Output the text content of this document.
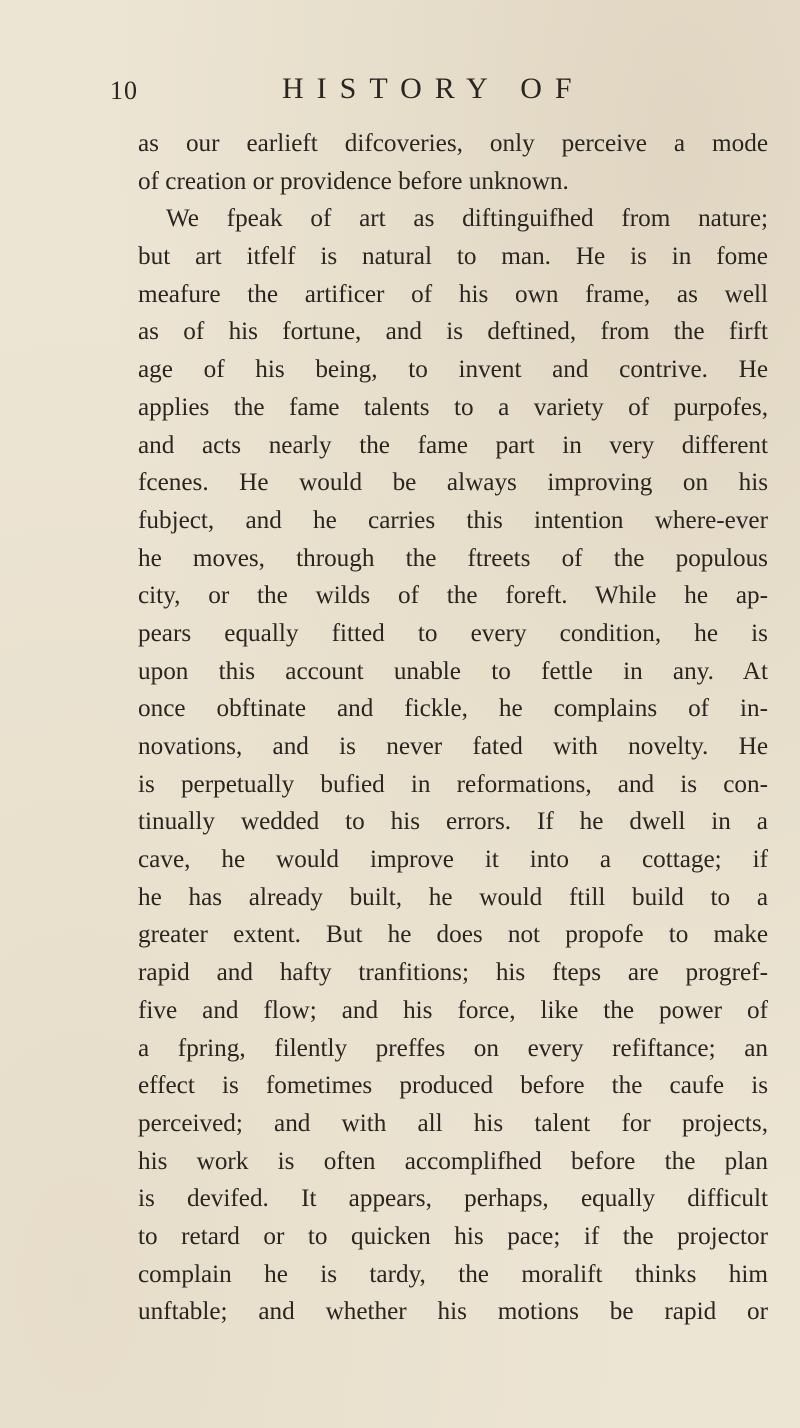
10	HISTORY OF
as our earlieft difcoveries, only perceive a mode
of creation or providence before unknown.
We fpeak of art as diftinguifhed from nature;
but art itfelf is natural to man. He is in fome
meafure the artificer of his own frame, as well
as of his fortune, and is deftined, from the firft
age of his being, to invent and contrive. He
applies the fame talents to a variety of purpofes,
and acts nearly the fame part in very different
fcenes. He would be always improving on his
fubject, and he carries this intention where-ever
he moves, through the ftreets of the populous
city, or the wilds of the foreft. While he ap-
pears equally fitted to every condition, he is
upon this account unable to fettle in any. At
once obftinate and fickle, he complains of in-
novations, and is never fated with novelty. He
is perpetually bufied in reformations, and is con-
tinually wedded to his errors. If he dwell in a
cave, he would improve it into a cottage; if
he has already built, he would ftill build to a
greater extent. But he does not propofe to make
rapid and hafty tranfitions; his fteps are progref-
five and flow; and his force, like the power of
a fpring, filently preffes on every refiftance; an
effect is fometimes produced before the caufe is
perceived; and with all his talent for projects,
his work is often accomplifhed before the plan
is devifed. It appears, perhaps, equally difficult
to retard or to quicken his pace; if the projector
complain he is tardy, the moralift thinks him
unftable; and whether his motions be rapid or
